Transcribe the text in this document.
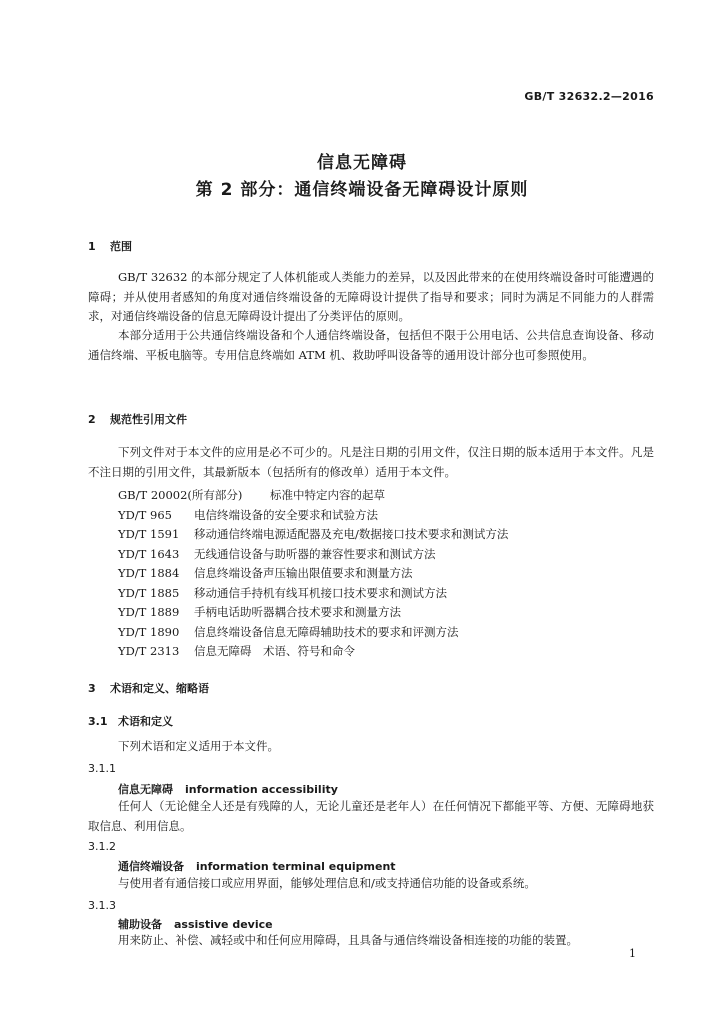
GB/T 32632.2—2016
信息无障碍
第 2 部分：通信终端设备无障碍设计原则
1 范围
GB/T 32632 的本部分规定了人体机能或人类能力的差异，以及因此带来的在使用终端设备时可能遭遇的障碍；并从使用者感知的角度对通信终端设备的无障碍设计提供了指导和要求；同时为满足不同能力的人群需求，对通信终端设备的信息无障碍设计提出了分类评估的原则。
本部分适用于公共通信终端设备和个人通信终端设备，包括但不限于公用电话、公共信息查询设备、移动通信终端、平板电脑等。专用信息终端如 ATM 机、救助呼叫设备等的通用设计部分也可参照使用。
2 规范性引用文件
下列文件对于本文件的应用是必不可少的。凡是注日期的引用文件，仅注日期的版本适用于本文件。凡是不注日期的引用文件，其最新版本（包括所有的修改单）适用于本文件。
GB/T 20002(所有部分) 标准中特定内容的起草
YD/T 965 电信终端设备的安全要求和试验方法
YD/T 1591 移动通信终端电源适配器及充电/数据接口技术要求和测试方法
YD/T 1643 无线通信设备与助听器的兼容性要求和测试方法
YD/T 1884 信息终端设备声压输出限值要求和测量方法
YD/T 1885 移动通信手持机有线耳机接口技术要求和测试方法
YD/T 1889 手柄电话助听器耦合技术要求和测量方法
YD/T 1890 信息终端设备信息无障碍辅助技术的要求和评测方法
YD/T 2313 信息无障碍　术语、符号和命令
3 术语和定义、缩略语
3.1 术语和定义
下列术语和定义适用于本文件。
3.1.1
信息无障碍 information accessibility
任何人（无论健全人还是有残障的人，无论儿童还是老年人）在任何情况下都能平等、方便、无障碍地获取信息、利用信息。
3.1.2
通信终端设备 information terminal equipment
与使用者有通信接口或应用界面，能够处理信息和/或支持通信功能的设备或系统。
3.1.3
辅助设备 assistive device
用来防止、补偿、减轻或中和任何应用障碍，且具备与通信终端设备相连接的功能的装置。
1
